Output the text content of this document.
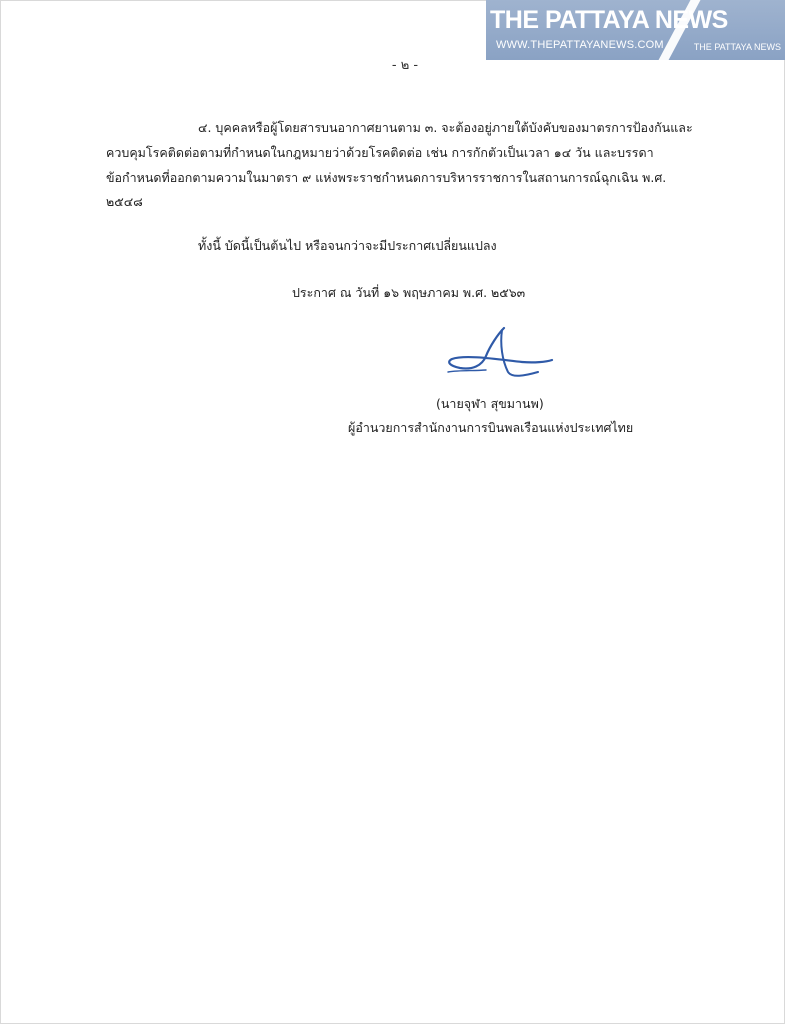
THE PATTAYA NEWS
WWW.THEPATTAYANEWS.COM	THE PATTAYA NEWS
- ๒ -
๔. บุคคลหรือผู้โดยสารบนอากาศยานตาม ๓. จะต้องอยู่ภายใต้บังคับของมาตรการป้องกันและ
ควบคุมโรคติดต่อตามที่กำหนดในกฎหมายว่าด้วยโรคติดต่อ เช่น การกักตัวเป็นเวลา ๑๔ วัน และบรรดา
ข้อกำหนดที่ออกตามความในมาตรา ๙ แห่งพระราชกำหนดการบริหารราชการในสถานการณ์ฉุกเฉิน พ.ศ.
๒๕๔๘
ทั้งนี้ บัดนี้เป็นต้นไป หรือจนกว่าจะมีประกาศเปลี่ยนแปลง
ประกาศ ณ วันที่ ๑๖ พฤษภาคม พ.ศ. ๒๕๖๓
(นายจุฬา สุขมานพ)
ผู้อำนวยการสำนักงานการบินพลเรือนแห่งประเทศไทย
